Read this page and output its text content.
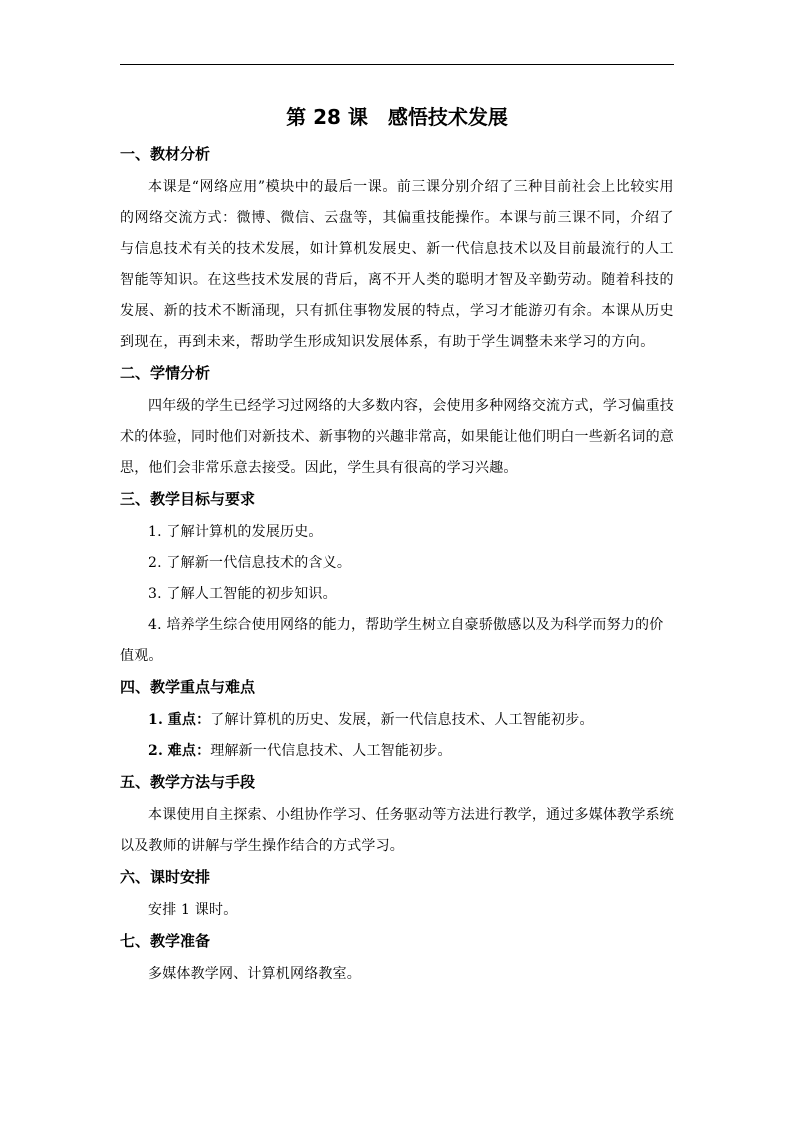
第 28 课　感悟技术发展
一、教材分析

本课是“网络应用”模块中的最后一课。前三课分别介绍了三种目前社会上比较实用的网络交流方式：微博、微信、云盘等，其偏重技能操作。本课与前三课不同，介绍了与信息技术有关的技术发展，如计算机发展史、新一代信息技术以及目前最流行的人工智能等知识。在这些技术发展的背后，离不开人类的聪明才智及辛勤劳动。随着科技的发展、新的技术不断涌现，只有抓住事物发展的特点，学习才能游刃有余。本课从历史到现在，再到未来，帮助学生形成知识发展体系，有助于学生调整未来学习的方向。

二、学情分析

四年级的学生已经学习过网络的大多数内容，会使用多种网络交流方式，学习偏重技术的体验，同时他们对新技术、新事物的兴趣非常高，如果能让他们明白一些新名词的意思，他们会非常乐意去接受。因此，学生具有很高的学习兴趣。

三、教学目标与要求
1. 了解计算机的发展历史。
2. 了解新一代信息技术的含义。
3. 了解人工智能的初步知识。
4. 培养学生综合使用网络的能力，帮助学生树立自豪骄傲感以及为科学而努力的价值观。
四、教学重点与难点
1. 重点：了解计算机的历史、发展，新一代信息技术、人工智能初步。
2. 难点：理解新一代信息技术、人工智能初步。
五、教学方法与手段

本课使用自主探索、小组协作学习、任务驱动等方法进行教学，通过多媒体教学系统以及教师的讲解与学生操作结合的方式学习。

六、课时安排

安排 1 课时。

七、教学准备

多媒体教学网、计算机网络教室。
